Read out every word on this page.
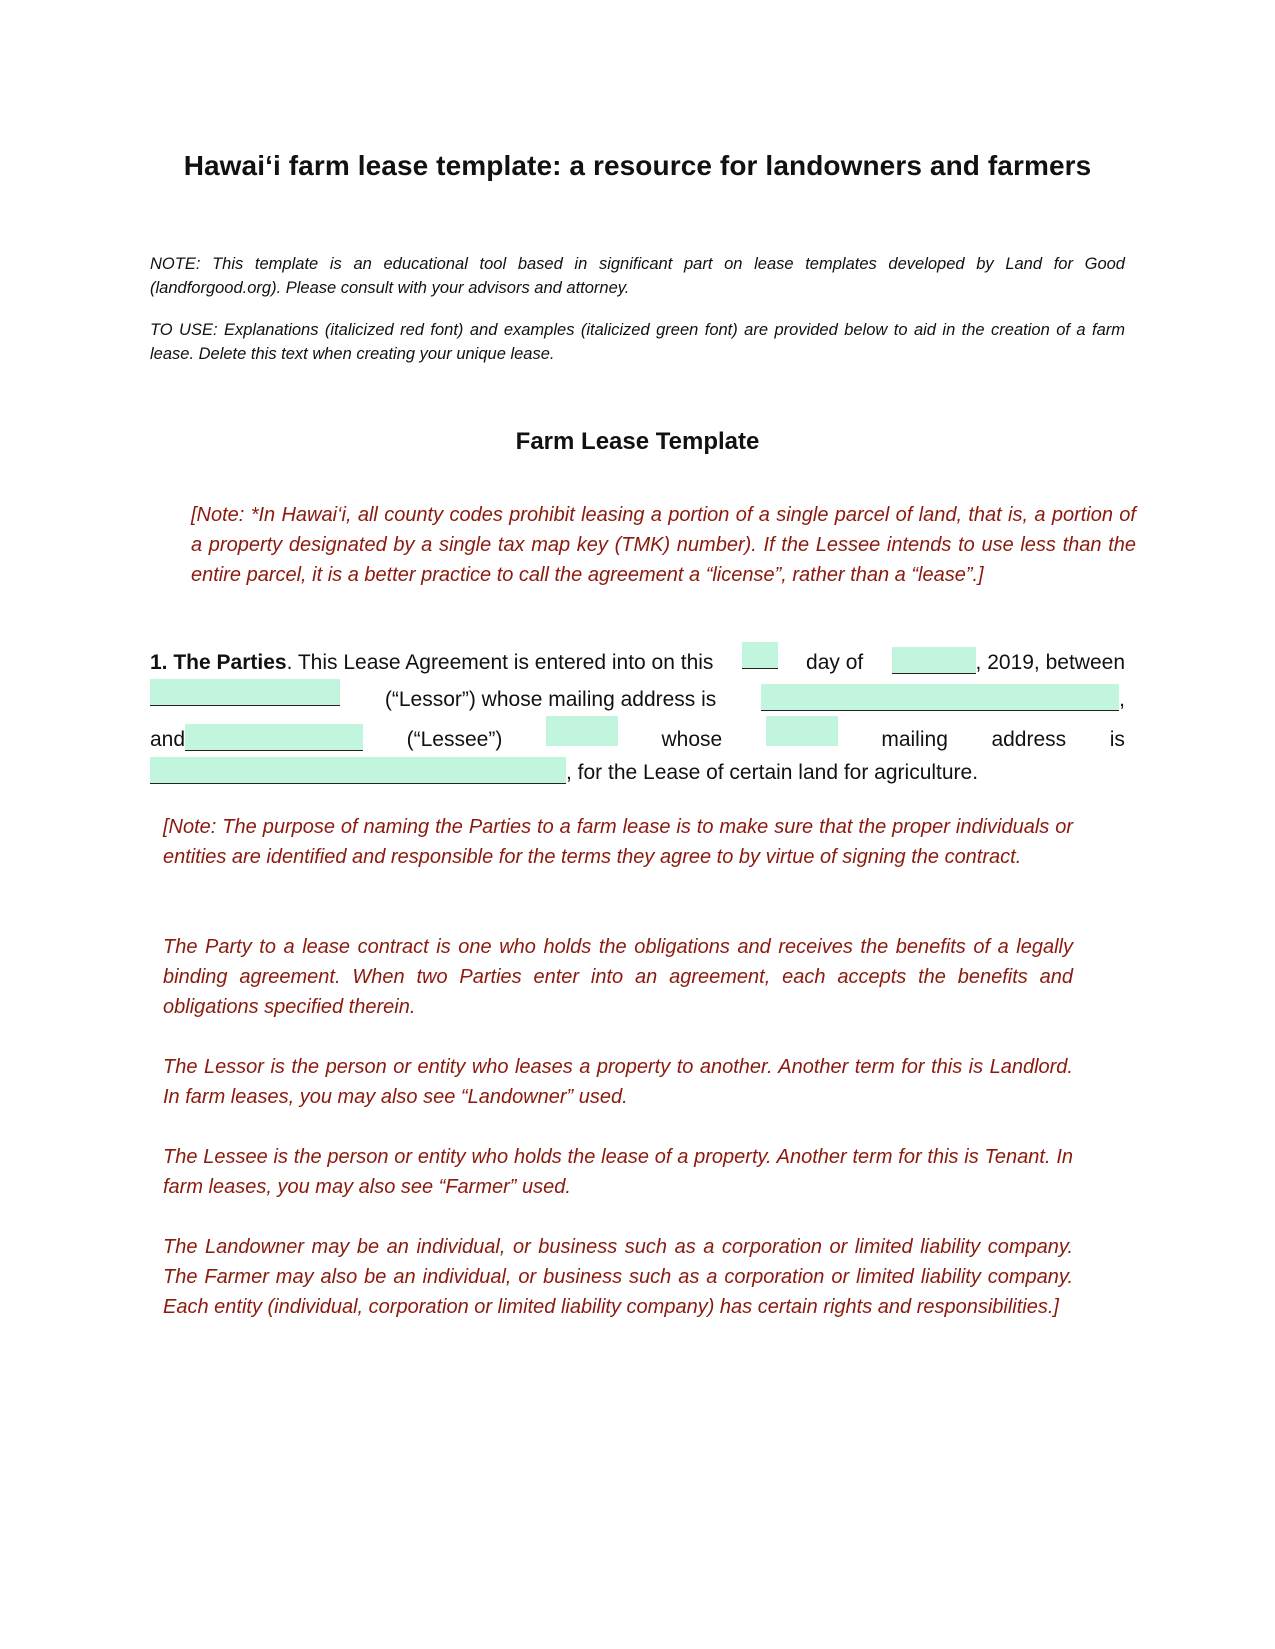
Hawai‘i farm lease template: a resource for landowners and farmers

NOTE: This template is an educational tool based in significant part on lease templates developed by Land for Good (landforgood.org). Please consult with your advisors and attorney.

TO USE: Explanations (italicized red font) and examples (italicized green font) are provided below to aid in the creation of a farm lease. Delete this text when creating your unique lease.

Farm Lease Template

[Note: *In Hawai‘i, all county codes prohibit leasing a portion of a single parcel of land, that is, a portion of a property designated by a single tax map key (TMK) number). If the Lessee intends to use less than the entire parcel, it is a better practice to call the agreement a “license”, rather than a “lease”.]

1. The Parties. This Lease Agreement is entered into on this	day of	, 2019, between
(“Lessor”) whose mailing address is	,
and	(“Lessee”)	whose	mailing address is
, for the Lease of certain land for agriculture.

[Note: The purpose of naming the Parties to a farm lease is to make sure that the proper individuals or entities are identified and responsible for the terms they agree to by virtue of signing the contract.

The Party to a lease contract is one who holds the obligations and receives the benefits of a legally binding agreement. When two Parties enter into an agreement, each accepts the benefits and obligations specified therein.

The Lessor is the person or entity who leases a property to another. Another term for this is Landlord. In farm leases, you may also see “Landowner” used.

The Lessee is the person or entity who holds the lease of a property. Another term for this is Tenant. In farm leases, you may also see “Farmer” used.

The Landowner may be an individual, or business such as a corporation or limited liability company. The Farmer may also be an individual, or business such as a corporation or limited liability company. Each entity (individual, corporation or limited liability company) has certain rights and responsibilities.]
